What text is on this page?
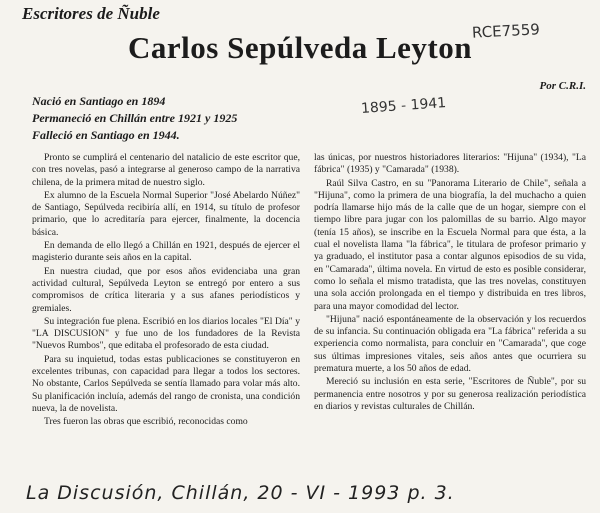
Escritores de Ñuble
Carlos Sepúlveda Leyton
Por C.R.I.
RCE7559
1895 - 1941
Nació en Santiago en 1894
Permaneció en Chillán entre 1921 y 1925
Falleció en Santiago en 1944.

Pronto se cumplirá el centenario del natalicio de este escritor que, con tres novelas, pasó a integrarse al generoso campo de la narrativa chilena, de la primera mitad de nuestro siglo.

Ex alumno de la Escuela Normal Superior "José Abelardo Núñez" de Santiago, Sepúlveda recibiría allí, en 1914, su título de profesor primario, que lo acreditaría para ejercer, finalmente, la docencia básica.

En demanda de ello llegó a Chillán en 1921, después de ejercer el magisterio durante seis años en la capital.

En nuestra ciudad, que por esos años evidenciaba una gran actividad cultural, Sepúlveda Leyton se entregó por entero a sus compromisos de crítica literaria y a sus afanes periodísticos y gremiales.

Su integración fue plena. Escribió en los diarios locales "El Día" y "LA DISCUSION" y fue uno de los fundadores de la Revista "Nuevos Rumbos", que editaba el profesorado de esta ciudad.

Para su inquietud, todas estas publicaciones se constituyeron en excelentes tribunas, con capacidad para llegar a todos los sectores. No obstante, Carlos Sepúlveda se sentía llamado para volar más alto. Su planificación incluía, además del rango de cronista, una condición nueva, la de novelista.

Tres fueron las obras que escribió, reconocidas como

las únicas, por nuestros historiadores literarios: "Hijuna" (1934), "La fábrica" (1935) y "Camarada" (1938).

Raúl Silva Castro, en su "Panorama Literario de Chile", señala a "Hijuna", como la primera de una biografía, la del muchacho a quien podría llamarse hijo más de la calle que de un hogar, siempre con el tiempo libre para jugar con los palomillas de su barrio. Algo mayor (tenía 15 años), se inscribe en la Escuela Normal para que ésta, a la cual el novelista llama "la fábrica", le titulara de profesor primario y ya graduado, el institutor pasa a contar algunos episodios de su vida, en "Camarada", última novela. En virtud de esto es posible considerar, como lo señala el mismo tratadista, que las tres novelas, constituyen una sola acción prolongada en el tiempo y distribuida en tres libros, para una mayor comodidad del lector.

"Hijuna" nació espontáneamente de la observación y los recuerdos de su infancia. Su continuación obligada era "La fábrica" referida a su experiencia como normalista, para concluir en "Camarada", que coge sus últimas impresiones vitales, seis años antes que ocurriera su prematura muerte, a los 50 años de edad.

Mereció su inclusión en esta serie, "Escritores de Ñuble", por su permanencia entre nosotros y por su generosa realización periodística en diarios y revistas culturales de Chillán.

La Discusión, Chillán, 20 - VI - 1993 p. 3.
